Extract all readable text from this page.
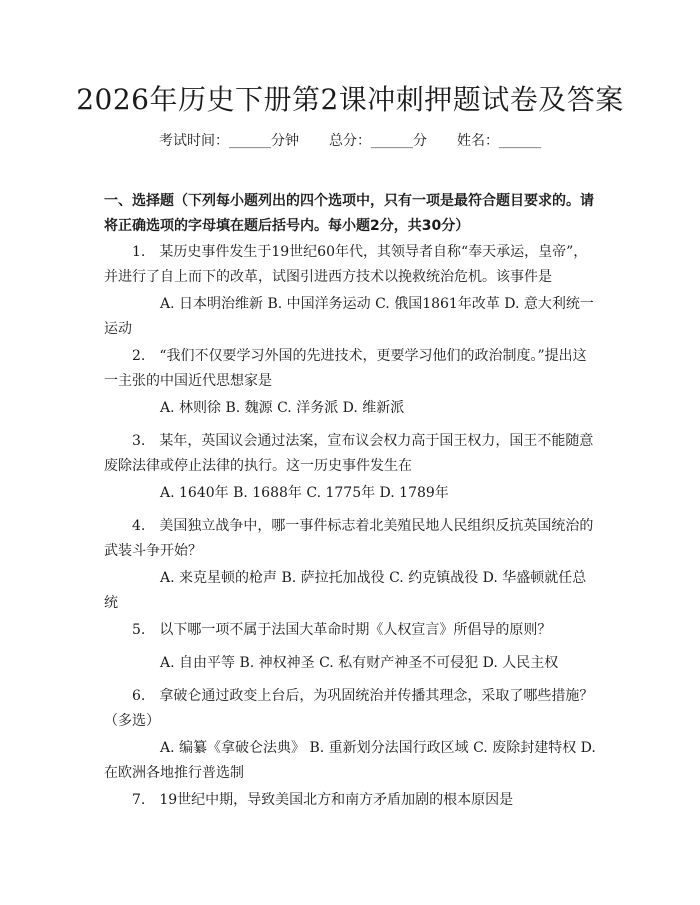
2026年历史下册第2课冲刺押题试卷及答案
考试时间：______分钟 总分：______分 姓名：______
一、选择题（下列每小题列出的四个选项中，只有一项是最符合题目要求的。请将正确选项的字母填在题后括号内。每小题2分，共30分）
1.　某历史事件发生于19世纪60年代，其领导者自称“奉天承运，皇帝”，并进行了自上而下的改革，试图引进西方技术以挽救统治危机。该事件是
A. 日本明治维新 B. 中国洋务运动 C. 俄国1861年改革 D. 意大利统一运动
2.　“我们不仅要学习外国的先进技术，更要学习他们的政治制度。”提出这一主张的中国近代思想家是
A. 林则徐 B. 魏源 C. 洋务派 D. 维新派
3.　某年，英国议会通过法案，宣布议会权力高于国王权力，国王不能随意废除法律或停止法律的执行。这一历史事件发生在
A. 1640年 B. 1688年 C. 1775年 D. 1789年
4.　美国独立战争中，哪一事件标志着北美殖民地人民组织反抗英国统治的武装斗争开始？
A. 来克星顿的枪声 B. 萨拉托加战役 C. 约克镇战役 D. 华盛顿就任总统
5.　以下哪一项不属于法国大革命时期《人权宣言》所倡导的原则？
A. 自由平等 B. 神权神圣 C. 私有财产神圣不可侵犯 D. 人民主权
6.　拿破仑通过政变上台后，为巩固统治并传播其理念，采取了哪些措施？（多选）
A. 编纂《拿破仑法典》 B. 重新划分法国行政区域 C. 废除封建特权 D. 在欧洲各地推行普选制
7.　19世纪中期，导致美国北方和南方矛盾加剧的根本原因是
